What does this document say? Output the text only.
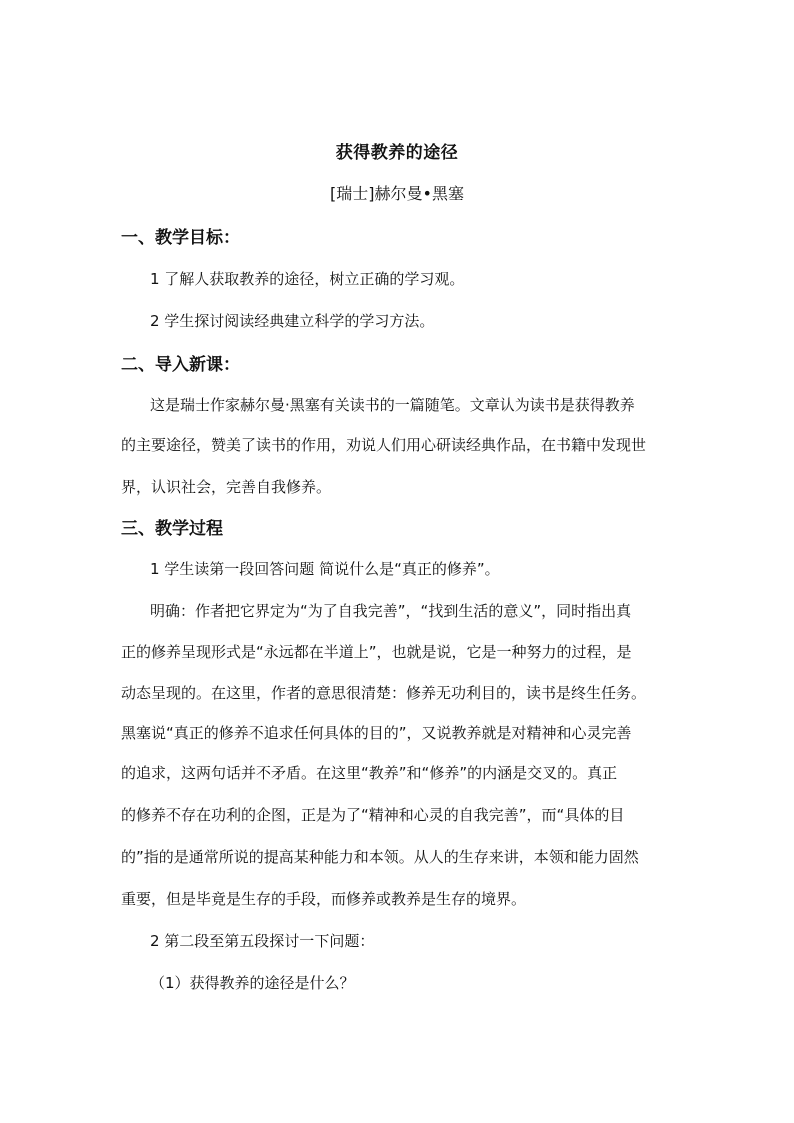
获得教养的途径
[瑞士]赫尔曼•黑塞
一、教学目标：
1 了解人获取教养的途径，树立正确的学习观。
2 学生探讨阅读经典建立科学的学习方法。
二、导入新课：
这是瑞士作家赫尔曼·黑塞有关读书的一篇随笔。文章认为读书是获得教养
的主要途径，赞美了读书的作用，劝说人们用心研读经典作品，在书籍中发现世
界，认识社会，完善自我修养。
三、教学过程
1 学生读第一段回答问题 简说什么是“真正的修养”。
明确：作者把它界定为“为了自我完善”，“找到生活的意义”，同时指出真
正的修养呈现形式是“永远都在半道上”，也就是说，它是一种努力的过程，是
动态呈现的。在这里，作者的意思很清楚：修养无功利目的，读书是终生任务。
黑塞说“真正的修养不追求任何具体的目的”，又说教养就是对精神和心灵完善
的追求，这两句话并不矛盾。在这里“教养”和“修养”的内涵是交叉的。真正
的修养不存在功利的企图，正是为了“精神和心灵的自我完善”，而“具体的目
的”指的是通常所说的提高某种能力和本领。从人的生存来讲，本领和能力固然
重要，但是毕竟是生存的手段，而修养或教养是生存的境界。
2 第二段至第五段探讨一下问题：
（1）获得教养的途径是什么？
